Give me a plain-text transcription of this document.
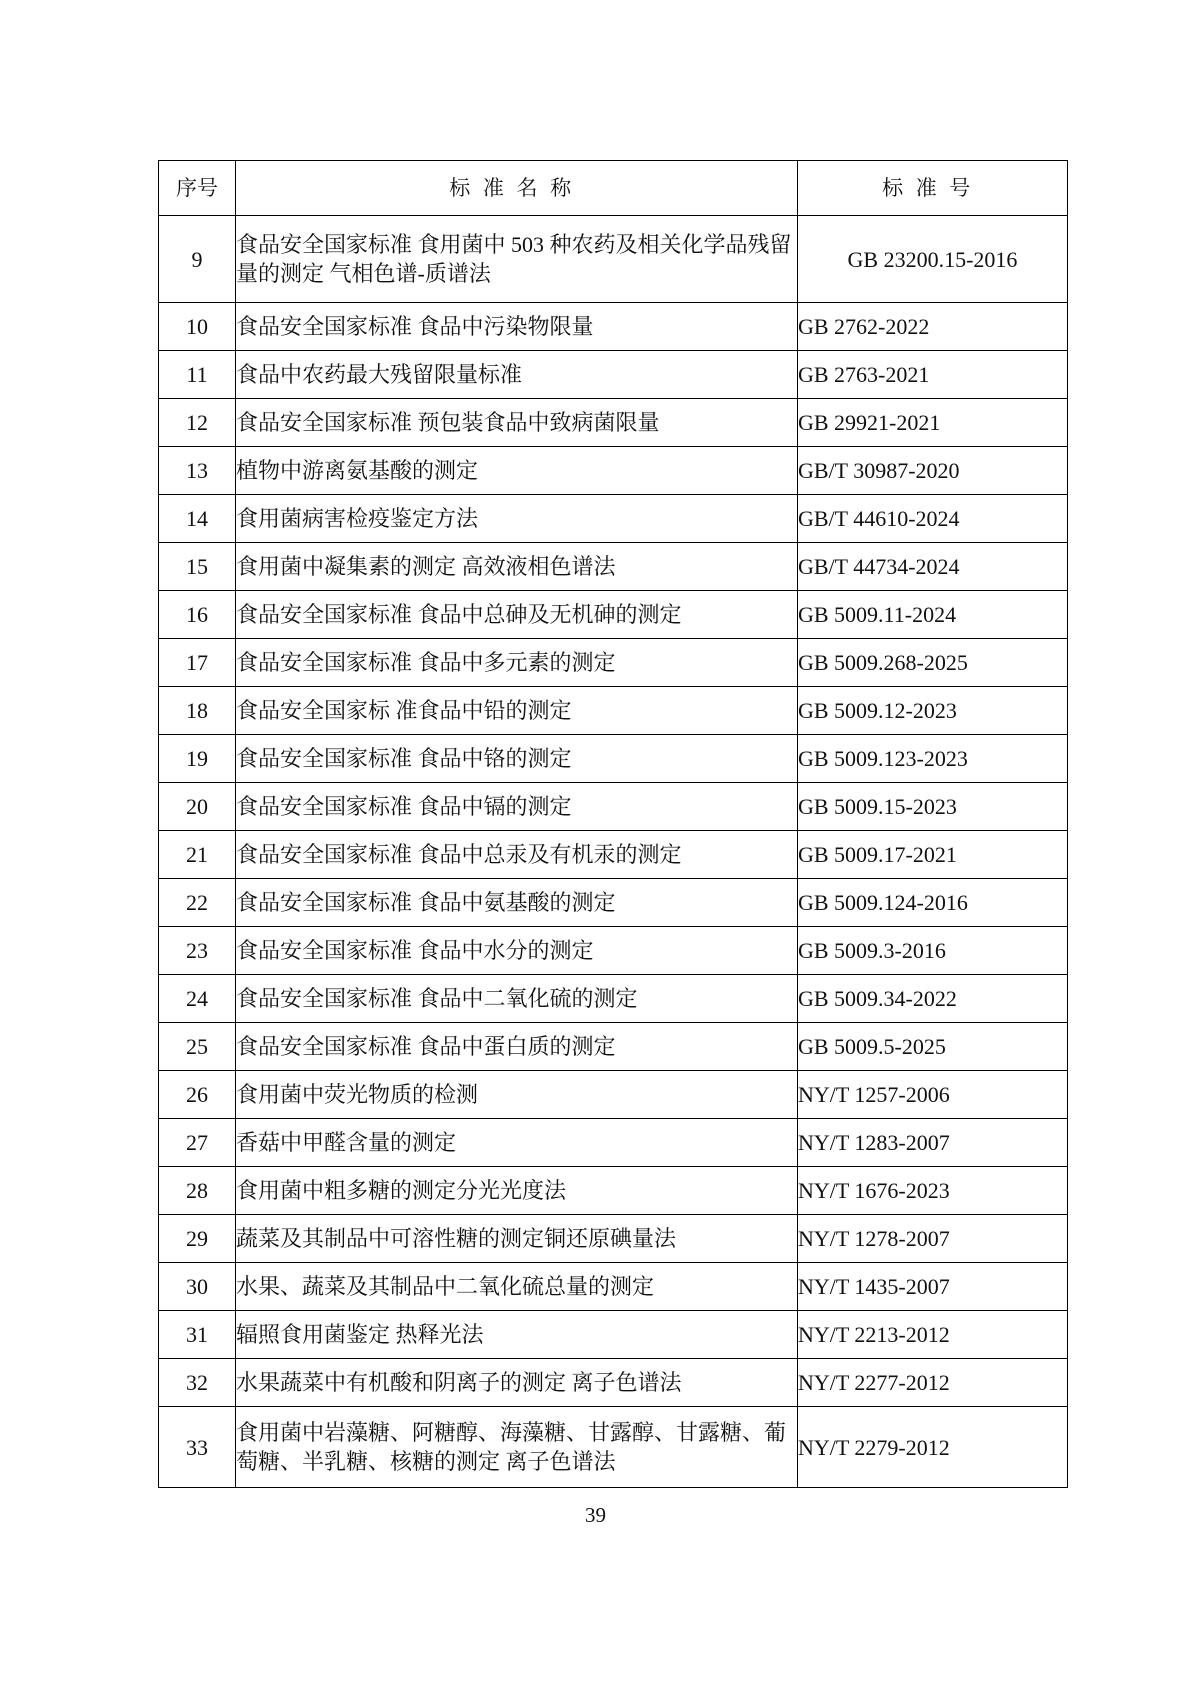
序号	标准名称	标准号
9	食品安全国家标准 食用菌中 503 种农药及相关化学品残留量的测定 气相色谱-质谱法	GB 23200.15-2016
10	食品安全国家标准 食品中污染物限量	GB 2762-2022
11	食品中农药最大残留限量标准	GB 2763-2021
12	食品安全国家标准 预包装食品中致病菌限量	GB 29921-2021
13	植物中游离氨基酸的测定	GB/T 30987-2020
14	食用菌病害检疫鉴定方法	GB/T 44610-2024
15	食用菌中凝集素的测定 高效液相色谱法	GB/T 44734-2024
16	食品安全国家标准 食品中总砷及无机砷的测定	GB 5009.11-2024
17	食品安全国家标准 食品中多元素的测定	GB 5009.268-2025
18	食品安全国家标 准食品中铅的测定	GB 5009.12-2023
19	食品安全国家标准 食品中铬的测定	GB 5009.123-2023
20	食品安全国家标准 食品中镉的测定	GB 5009.15-2023
21	食品安全国家标准 食品中总汞及有机汞的测定	GB 5009.17-2021
22	食品安全国家标准 食品中氨基酸的测定	GB 5009.124-2016
23	食品安全国家标准 食品中水分的测定	GB 5009.3-2016
24	食品安全国家标准 食品中二氧化硫的测定	GB 5009.34-2022
25	食品安全国家标准 食品中蛋白质的测定	GB 5009.5-2025
26	食用菌中荧光物质的检测	NY/T 1257-2006
27	香菇中甲醛含量的测定	NY/T 1283-2007
28	食用菌中粗多糖的测定分光光度法	NY/T 1676-2023
29	蔬菜及其制品中可溶性糖的测定铜还原碘量法	NY/T 1278-2007
30	水果、蔬菜及其制品中二氧化硫总量的测定	NY/T 1435-2007
31	辐照食用菌鉴定 热释光法	NY/T 2213-2012
32	水果蔬菜中有机酸和阴离子的测定 离子色谱法	NY/T 2277-2012
33	食用菌中岩藻糖、阿糖醇、海藻糖、甘露醇、甘露糖、葡萄糖、半乳糖、核糖的测定 离子色谱法	NY/T 2279-2012
39
